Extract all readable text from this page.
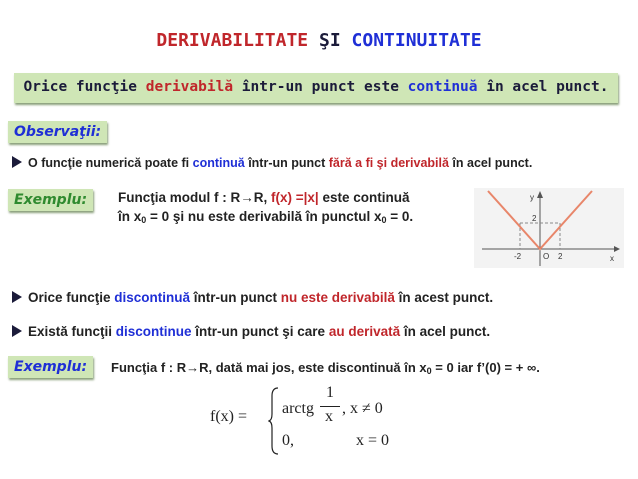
DERIVABILITATE ŞI CONTINUITATE
Orice funcţie derivabilă într-un punct este continuă în acel punct.
Observaţii:
O funcţie numerică poate fi continuă într-un punct fără a fi şi derivabilă în acel punct.
Exemplu:	Funcţia modul f : R→R, f(x) =|x| este continuă
în $x_0 = 0$ şi nu este derivabilă în punctul $x_0 = 0$.
y
x
2
-2	O 2
Orice funcţie discontinuă într-un punct nu este derivabilă în acest punct.
Există funcţii discontinue într-un punct şi care au derivată în acel punct.
Exemplu:	Funcţia f : R→R, dată mai jos, este discontinuă în $x_0 = 0$ iar f’(0) = + ∞.
f(x) = arctg
1
x , x ≠ 0
0,	x = 0
